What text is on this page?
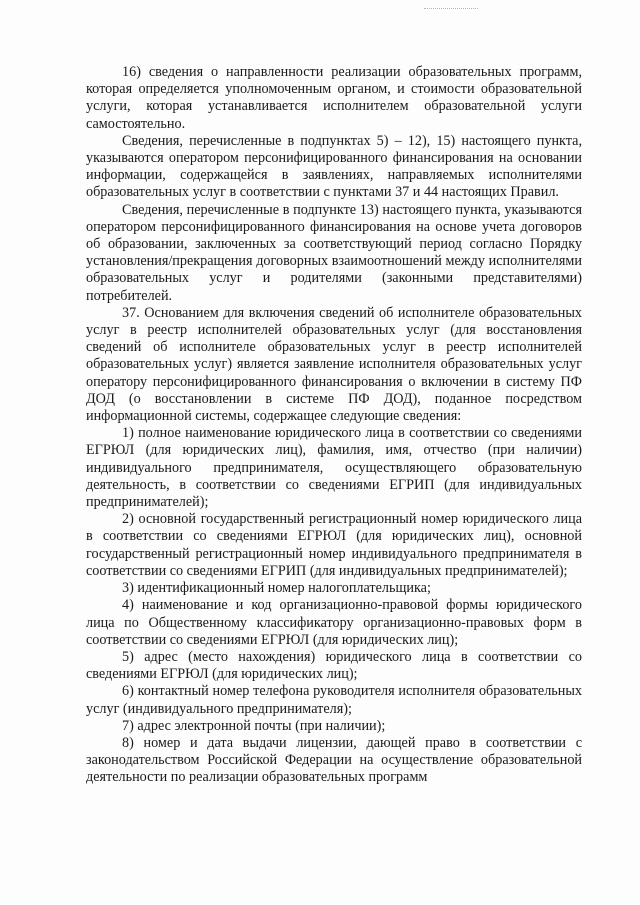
16) сведения о направленности реализации образовательных программ, которая определяется уполномоченным органом, и стоимости образовательной услуги, которая устанавливается исполнителем образовательной услуги самостоятельно.

Сведения, перечисленные в подпунктах 5) – 12), 15) настоящего пункта, указываются оператором персонифицированного финансирования на основании информации, содержащейся в заявлениях, направляемых исполнителями образовательных услуг в соответствии с пунктами 37 и 44 настоящих Правил.

Сведения, перечисленные в подпункте 13) настоящего пункта, указываются оператором персонифицированного финансирования на основе учета договоров об образовании, заключенных за соответствующий период согласно Порядку установления/прекращения договорных взаимоотношений между исполнителями образовательных услуг и родителями (законными представителями) потребителей.

37. Основанием для включения сведений об исполнителе образовательных услуг в реестр исполнителей образовательных услуг (для восстановления сведений об исполнителе образовательных услуг в реестр исполнителей образовательных услуг) является заявление исполнителя образовательных услуг оператору персонифицированного финансирования о включении в систему ПФ ДОД (о восстановлении в системе ПФ ДОД), поданное посредством информационной системы, содержащее следующие сведения:

1) полное наименование юридического лица в соответствии со сведениями ЕГРЮЛ (для юридических лиц), фамилия, имя, отчество (при наличии) индивидуального предпринимателя, осуществляющего образовательную деятельность, в соответствии со сведениями ЕГРИП (для индивидуальных предпринимателей);

2) основной государственный регистрационный номер юридического лица в соответствии со сведениями ЕГРЮЛ (для юридических лиц), основной государственный регистрационный номер индивидуального предпринимателя в соответствии со сведениями ЕГРИП (для индивидуальных предпринимателей);

3) идентификационный номер налогоплательщика;

4) наименование и код организационно-правовой формы юридического лица по Общественному классификатору организационно-правовых форм в соответствии со сведениями ЕГРЮЛ (для юридических лиц);

5) адрес (место нахождения) юридического лица в соответствии со сведениями ЕГРЮЛ (для юридических лиц);

6) контактный номер телефона руководителя исполнителя образовательных услуг (индивидуального предпринимателя);

7) адрес электронной почты (при наличии);

8) номер и дата выдачи лицензии, дающей право в соответствии с законодательством Российской Федерации на осуществление образовательной деятельности по реализации образовательных программ
